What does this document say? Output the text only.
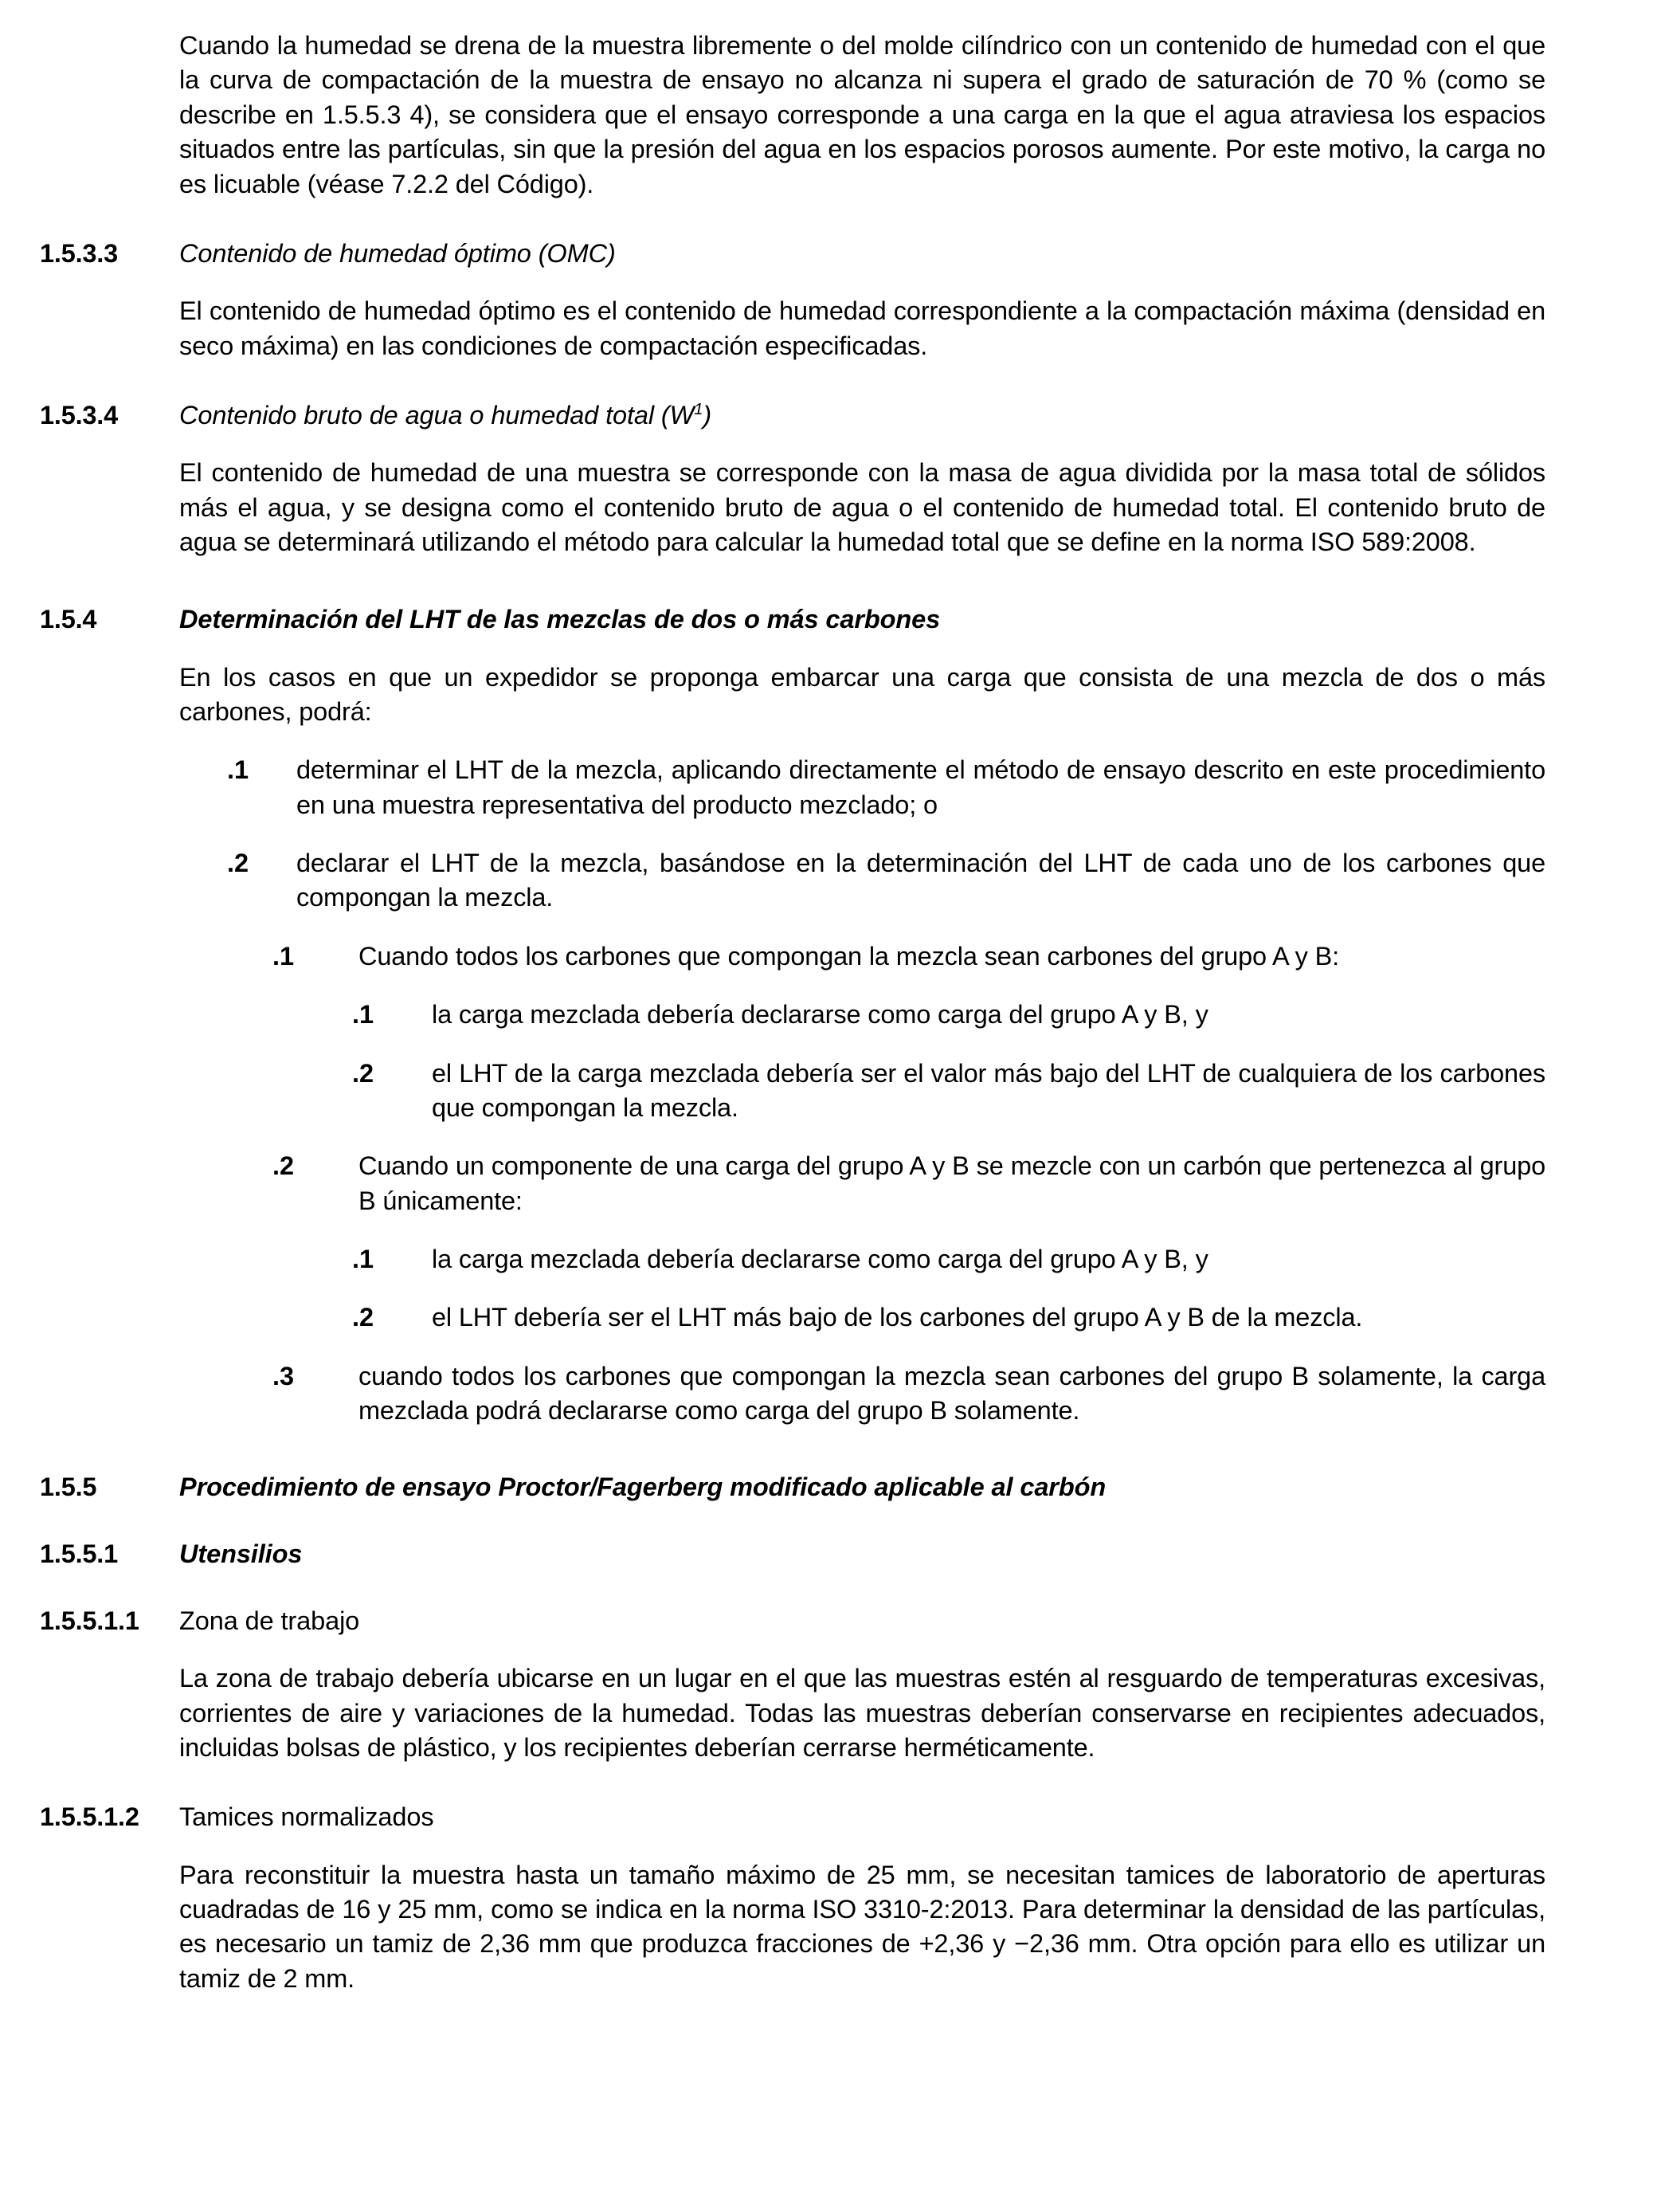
Cuando la humedad se drena de la muestra libremente o del molde cilíndrico con un contenido de humedad con el que la curva de compactación de la muestra de ensayo no alcanza ni supera el grado de saturación de 70 % (como se describe en 1.5.5.3 4), se considera que el ensayo corresponde a una carga en la que el agua atraviesa los espacios situados entre las partículas, sin que la presión del agua en los espacios porosos aumente. Por este motivo, la carga no es licuable (véase 7.2.2 del Código).

1.5.3.3	Contenido de humedad óptimo (OMC)

El contenido de humedad óptimo es el contenido de humedad correspondiente a la compactación máxima (densidad en seco máxima) en las condiciones de compactación especificadas.

1.5.3.4	Contenido bruto de agua o humedad total $(W^1)$

El contenido de humedad de una muestra se corresponde con la masa de agua dividida por la masa total de sólidos más el agua, y se designa como el contenido bruto de agua o el contenido de humedad total. El contenido bruto de agua se determinará utilizando el método para calcular la humedad total que se define en la norma ISO 589:2008.

1.5.4	Determinación del LHT de las mezclas de dos o más carbones

En los casos en que un expedidor se proponga embarcar una carga que consista de una mezcla de dos o más carbones, podrá:

.1	determinar el LHT de la mezcla, aplicando directamente el método de ensayo descrito en este procedimiento en una muestra representativa del producto mezclado; o
.2	declarar el LHT de la mezcla, basándose en la determinación del LHT de cada uno de los carbones que compongan la mezcla.
.1	Cuando todos los carbones que compongan la mezcla sean carbones del grupo A y B:
.1	la carga mezclada debería declararse como carga del grupo A y B, y
.2	el LHT de la carga mezclada debería ser el valor más bajo del LHT de cualquiera de los carbones que compongan la mezcla.
.2	Cuando un componente de una carga del grupo A y B se mezcle con un carbón que pertenezca al grupo B únicamente:
.1	la carga mezclada debería declararse como carga del grupo A y B, y
.2	el LHT debería ser el LHT más bajo de los carbones del grupo A y B de la mezcla.
.3	cuando todos los carbones que compongan la mezcla sean carbones del grupo B solamente, la carga mezclada podrá declararse como carga del grupo B solamente.
1.5.5	Procedimiento de ensayo Proctor/Fagerberg modificado aplicable al carbón
1.5.5.1	Utensilios
1.5.5.1.1	Zona de trabajo

La zona de trabajo debería ubicarse en un lugar en el que las muestras estén al resguardo de temperaturas excesivas, corrientes de aire y variaciones de la humedad. Todas las muestras deberían conservarse en recipientes adecuados, incluidas bolsas de plástico, y los recipientes deberían cerrarse herméticamente.

1.5.5.1.2	Tamices normalizados

Para reconstituir la muestra hasta un tamaño máximo de 25 mm, se necesitan tamices de laboratorio de aperturas cuadradas de 16 y 25 mm, como se indica en la norma ISO 3310-2:2013. Para determinar la densidad de las partículas, es necesario un tamiz de 2,36 mm que produzca fracciones de +2,36 y −2,36 mm. Otra opción para ello es utilizar un tamiz de 2 mm.
